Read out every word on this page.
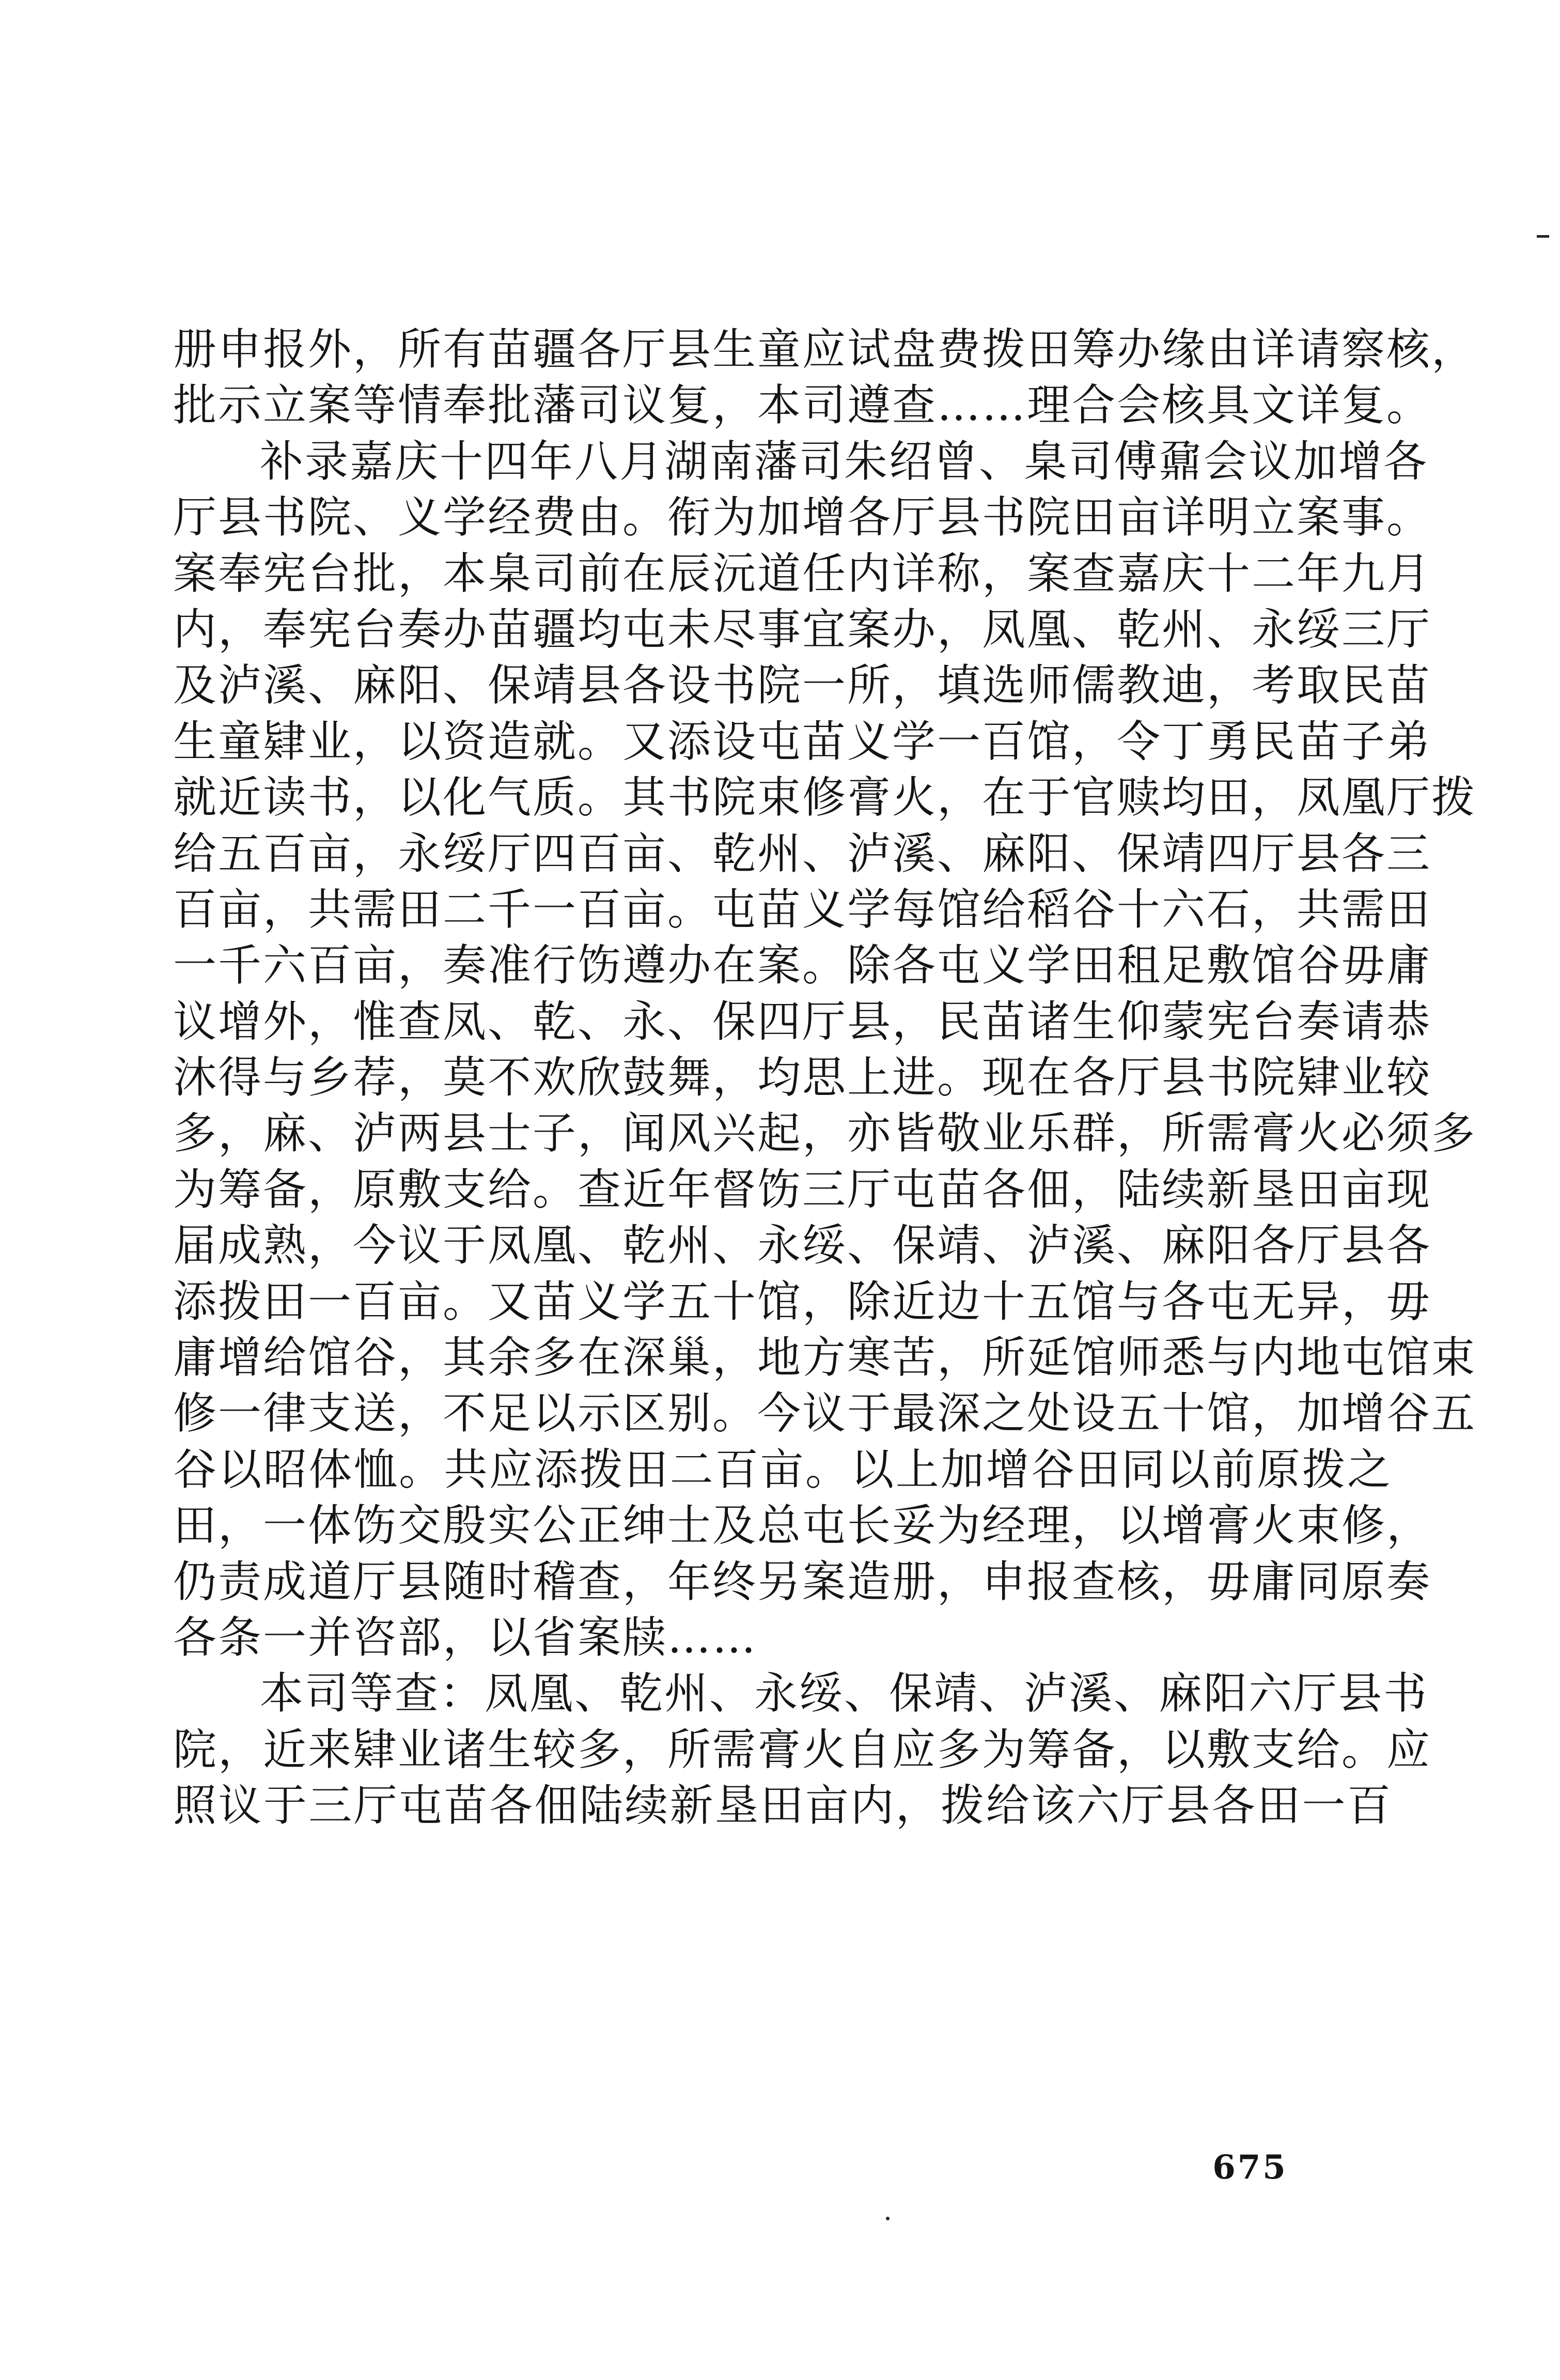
册申报外，所有苗疆各厅县生童应试盘费拨田筹办缘由详请察核，
批示立案等情奉批藩司议复，本司遵查……理合会核具文详复。
补录嘉庆十四年八月湖南藩司朱绍曾、臬司傅鼐会议加增各
厅县书院、义学经费由。衔为加增各厅县书院田亩详明立案事。
案奉宪台批，本臬司前在辰沅道任内详称，案查嘉庆十二年九月
内，奉宪台奏办苗疆均屯未尽事宜案办，凤凰、乾州、永绥三厅
及泸溪、麻阳、保靖县各设书院一所，填选师儒教迪，考取民苗
生童肄业，以资造就。又添设屯苗义学一百馆，令丁勇民苗子弟
就近读书，以化气质。其书院束修膏火，在于官赎均田，凤凰厅拨
给五百亩，永绥厅四百亩、乾州、泸溪、麻阳、保靖四厅县各三
百亩，共需田二千一百亩。屯苗义学每馆给稻谷十六石，共需田
一千六百亩，奏准行饬遵办在案。除各屯义学田租足敷馆谷毋庸
议增外，惟查凤、乾、永、保四厅县，民苗诸生仰蒙宪台奏请恭
沐得与乡荐，莫不欢欣鼓舞，均思上进。现在各厅县书院肄业较
多，麻、泸两县士子，闻风兴起，亦皆敬业乐群，所需膏火必须多
为筹备，原敷支给。查近年督饬三厅屯苗各佃，陆续新垦田亩现
届成熟，今议于凤凰、乾州、永绥、保靖、泸溪、麻阳各厅县各
添拨田一百亩。又苗义学五十馆，除近边十五馆与各屯无异，毋
庸增给馆谷，其余多在深巢，地方寒苦，所延馆师悉与内地屯馆束
修一律支送，不足以示区别。今议于最深之处设五十馆，加增谷五
谷以昭体恤。共应添拨田二百亩。以上加增谷田同以前原拨之
田，一体饬交殷实公正绅士及总屯长妥为经理，以增膏火束修，
仍责成道厅县随时稽查，年终另案造册，申报查核，毋庸同原奏
各条一并咨部，以省案牍……
本司等查：凤凰、乾州、永绥、保靖、泸溪、麻阳六厅县书
院，近来肄业诸生较多，所需膏火自应多为筹备，以敷支给。应
照议于三厅屯苗各佃陆续新垦田亩内，拨给该六厅县各田一百
675
